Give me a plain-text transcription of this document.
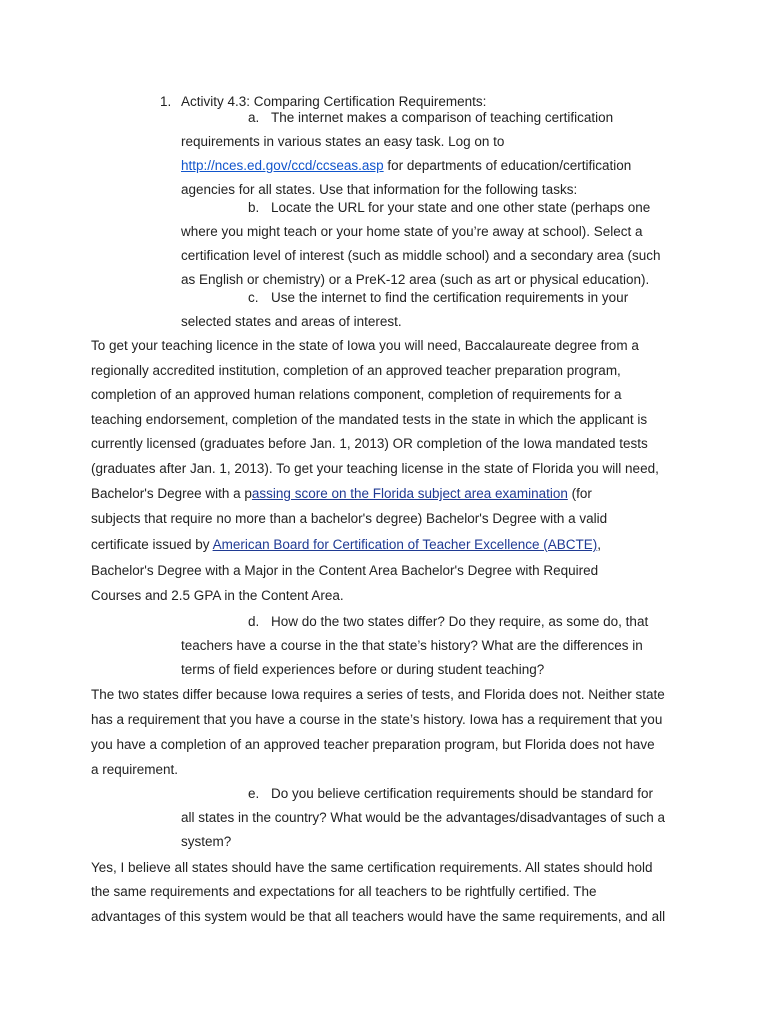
1. Activity 4.3: Comparing Certification Requirements:
a. The internet makes a comparison of teaching certification
requirements in various states an easy task. Log on to
http://nces.ed.gov/ccd/ccseas.asp for departments of education/certification
agencies for all states. Use that information for the following tasks:
b. Locate the URL for your state and one other state (perhaps one
where you might teach or your home state of you’re away at school). Select a
certification level of interest (such as middle school) and a secondary area (such
as English or chemistry) or a PreK-12 area (such as art or physical education).
c. Use the internet to find the certification requirements in your
selected states and areas of interest.
To get your teaching licence in the state of Iowa you will need, Baccalaureate degree from a
regionally accredited institution, completion of an approved teacher preparation program,
completion of an approved human relations component, completion of requirements for a
teaching endorsement, completion of the mandated tests in the state in which the applicant is
currently licensed (graduates before Jan. 1, 2013) OR completion of the Iowa mandated tests
(graduates after Jan. 1, 2013). To get your teaching license in the state of Florida you will need,
Bachelor's Degree with a passing score on the Florida subject area examination (for
subjects that require no more than a bachelor's degree) Bachelor's Degree with a valid
certificate issued by American Board for Certification of Teacher Excellence (ABCTE),
Bachelor's Degree with a Major in the Content Area Bachelor's Degree with Required
Courses and 2.5 GPA in the Content Area.
d. How do the two states differ? Do they require, as some do, that
teachers have a course in the that state’s history? What are the differences in
terms of field experiences before or during student teaching?
The two states differ because Iowa requires a series of tests, and Florida does not. Neither state
has a requirement that you have a course in the state’s history. Iowa has a requirement that you
you have a completion of an approved teacher preparation program, but Florida does not have
a requirement.
e. Do you believe certification requirements should be standard for
all states in the country? What would be the advantages/disadvantages of such a
system?
Yes, I believe all states should have the same certification requirements. All states should hold
the same requirements and expectations for all teachers to be rightfully certified. The
advantages of this system would be that all teachers would have the same requirements, and all
